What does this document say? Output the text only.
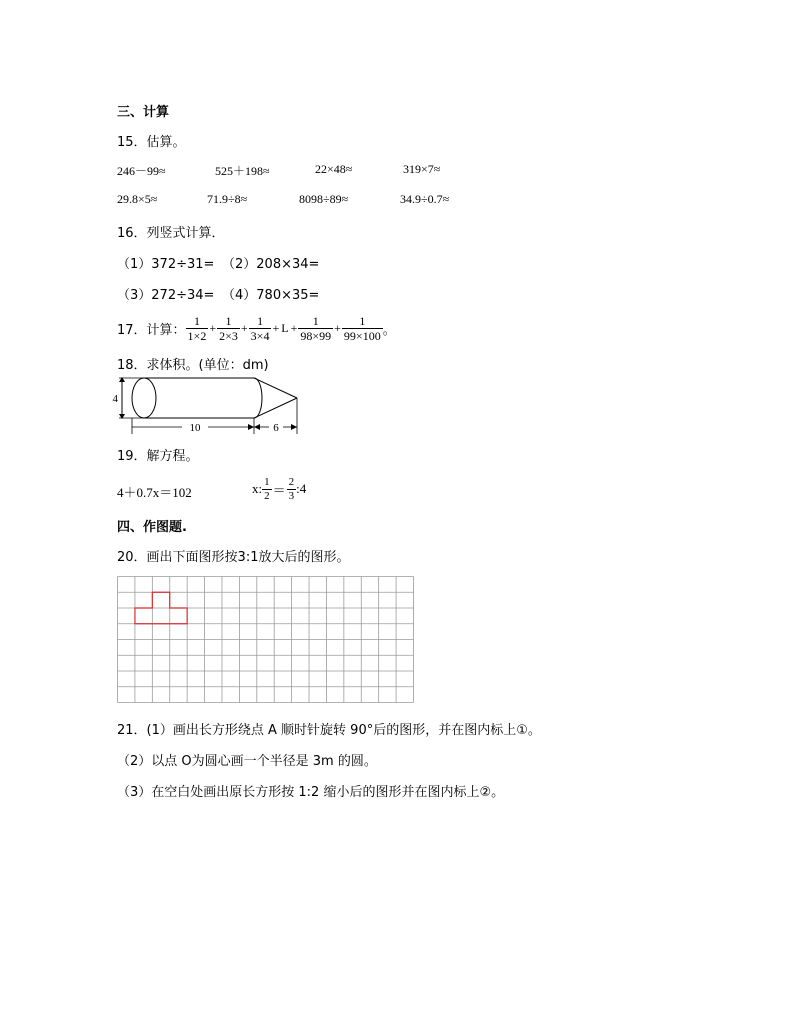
三、计算
15．估算。
246－99≈	525＋198≈	22×48≈	319×7≈
29.8×5≈	71.9÷8≈	8098÷89≈	34.9÷0.7≈
16．列竖式计算．
（1）372÷31= （2）208×34=
（3）272÷34= （4）780×35=
17．计算： $\frac{1}{1\times 2} + \frac{1}{2\times 3} + \frac{1}{3\times 4} + L + \frac{1}{98\times 99} + \frac{1}{99\times 100}$ 。
18．求体积。(单位：dm)
4
10	6
19．解方程。
4＋0.7x＝102	x: $\frac{1}{2} = \frac{2}{3}$ :4
四、作图题.
20．画出下面图形按3:1放大后的图形。
21．(1）画出长方形绕点 A 顺时针旋转 90°后的图形，并在图内标上①。
（2）以点 O为圆心画一个半径是 3m 的圆。
（3）在空白处画出原长方形按 1:2 缩小后的图形并在图内标上②。
